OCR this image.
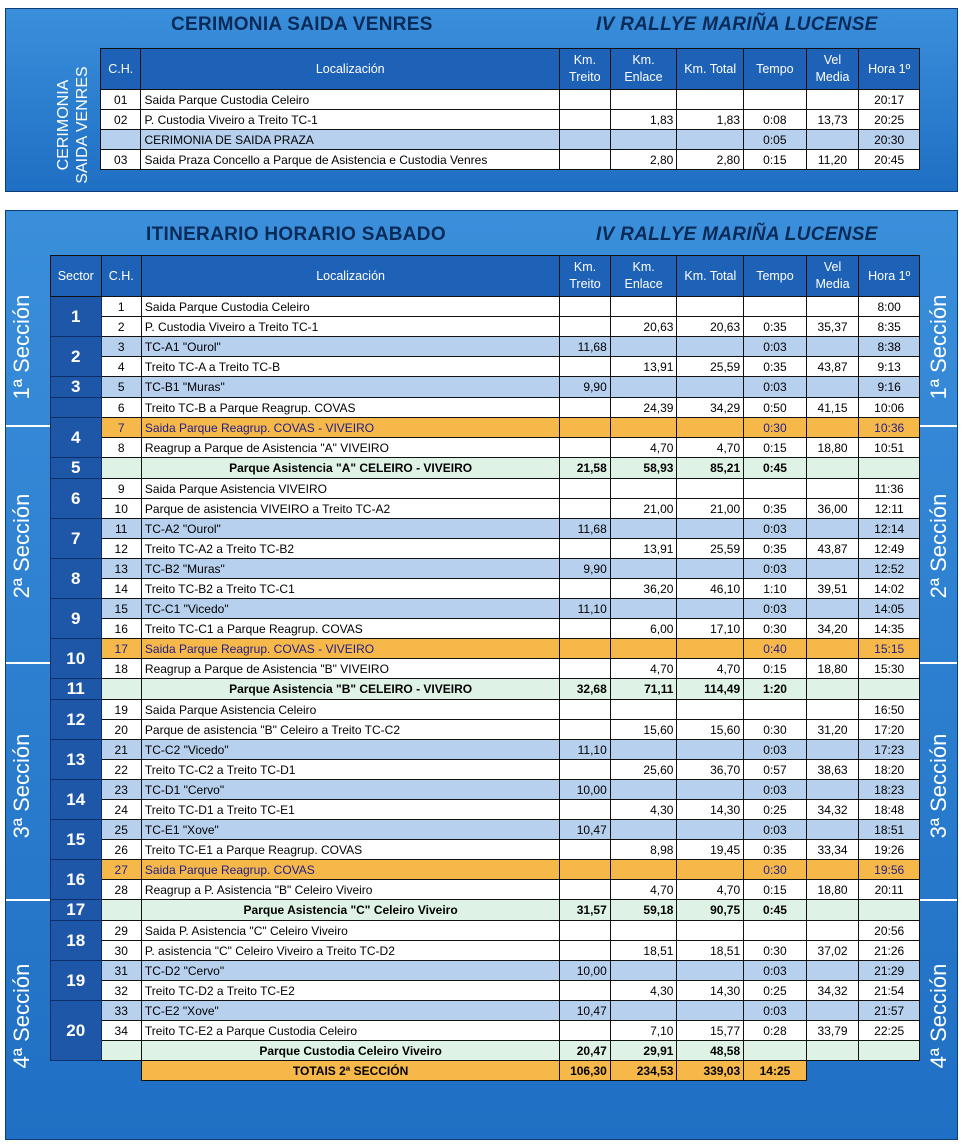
CERIMONIA SAIDA VENRES	IV RALLYE MARIÑA LUCENSE
CERIMONIA
SAIDA VENRES C.H.	Localización	Km. Treito	Km. Enlace	Km. Total	Tempo	Vel Media	Hora 1º
01	Saida Parque Custodia Celeiro						20:17
02	P. Custodia Viveiro a Treito TC-1		1,83	1,83	0:08	13,73	20:25
	CERIMONIA DE SAIDA PRAZA				0:05		20:30
03	Saida Praza Concello a Parque de Asistencia e Custodia Venres		2,80	2,80	0:15	11,20	20:45
ITINERARIO HORARIO SABADO	IV RALLYE MARIÑA LUCENSE
1ª Sección	1ª Sección
2ª Sección	2ª Sección
3ª Sección	3ª Sección
4ª Sección	4ª Sección
Sector	C.H.	Localización	Km. Treito	Km. Enlace	Km. Total	Tempo	Vel Media	Hora 1º
1	1	Saida Parque Custodia Celeiro						8:00
	2	P. Custodia Viveiro a Treito TC-1		20,63	20,63	0:35	35,37	8:35
2	3	TC-A1 "Ourol"	11,68			0:03		8:38
	4	Treito TC-A a Treito TC-B		13,91	25,59	0:35	43,87	9:13
3	5	TC-B1 "Muras"	9,90			0:03		9:16
	6	Treito TC-B a Parque Reagrup. COVAS		24,39	34,29	0:50	41,15	10:06
4	7	Saida Parque Reagrup. COVAS - VIVEIRO				0:30		10:36
	8	Reagrup a Parque de Asistencia "A" VIVEIRO		4,70	4,70	0:15	18,80	10:51
5		Parque Asistencia "A" CELEIRO - VIVEIRO	21,58	58,93	85,21	0:45		
6	9	Saida Parque Asistencia VIVEIRO						11:36
	10	Parque de asistencia VIVEIRO a Treito TC-A2		21,00	21,00	0:35	36,00	12:11
7	11	TC-A2 "Ourol"	11,68			0:03		12:14
	12	Treito TC-A2 a Treito TC-B2		13,91	25,59	0:35	43,87	12:49
8	13	TC-B2 "Muras"	9,90			0:03		12:52
	14	Treito TC-B2 a Treito TC-C1		36,20	46,10	1:10	39,51	14:02
9	15	TC-C1 "Vicedo"	11,10			0:03		14:05
	16	Treito TC-C1 a Parque Reagrup. COVAS		6,00	17,10	0:30	34,20	14:35
10	17	Saida Parque Reagrup. COVAS - VIVEIRO				0:40		15:15
	18	Reagrup a Parque de Asistencia "B" VIVEIRO		4,70	4,70	0:15	18,80	15:30
11		Parque Asistencia "B" CELEIRO - VIVEIRO	32,68	71,11	114,49	1:20		
12	19	Saida Parque Asistencia Celeiro						16:50
	20	Parque de asistencia "B" Celeiro a Treito TC-C2		15,60	15,60	0:30	31,20	17:20
13	21	TC-C2 "Vicedo"	11,10			0:03		17:23
	22	Treito TC-C2 a Treito TC-D1		25,60	36,70	0:57	38,63	18:20
14	23	TC-D1 "Cervo"	10,00			0:03		18:23
	24	Treito TC-D1 a Treito TC-E1		4,30	14,30	0:25	34,32	18:48
15	25	TC-E1 "Xove"	10,47			0:03		18:51
	26	Treito TC-E1 a Parque Reagrup. COVAS		8,98	19,45	0:35	33,34	19:26
16	27	Saida Parque Reagrup. COVAS				0:30		19:56
	28	Reagrup a P. Asistencia "B" Celeiro Viveiro		4,70	4,70	0:15	18,80	20:11
17		Parque Asistencia "C" Celeiro Viveiro	31,57	59,18	90,75	0:45		
18	29	Saida P. Asistencia "C" Celeiro Viveiro						20:56
	30	P. asistencia "C" Celeiro Viveiro a Treito TC-D2		18,51	18,51	0:30	37,02	21:26
19	31	TC-D2 "Cervo"	10,00			0:03		21:29
	32	Treito TC-D2 a Treito TC-E2		4,30	14,30	0:25	34,32	21:54
20	33	TC-E2 "Xove"	10,47			0:03		21:57
	34	Treito TC-E2 a Parque Custodia Celeiro		7,10	15,77	0:28	33,79	22:25
		Parque Custodia Celeiro Viveiro	20,47	29,91	48,58			
		TOTAIS 2ª SECCIÓN	106,30	234,53	339,03	14:25		
